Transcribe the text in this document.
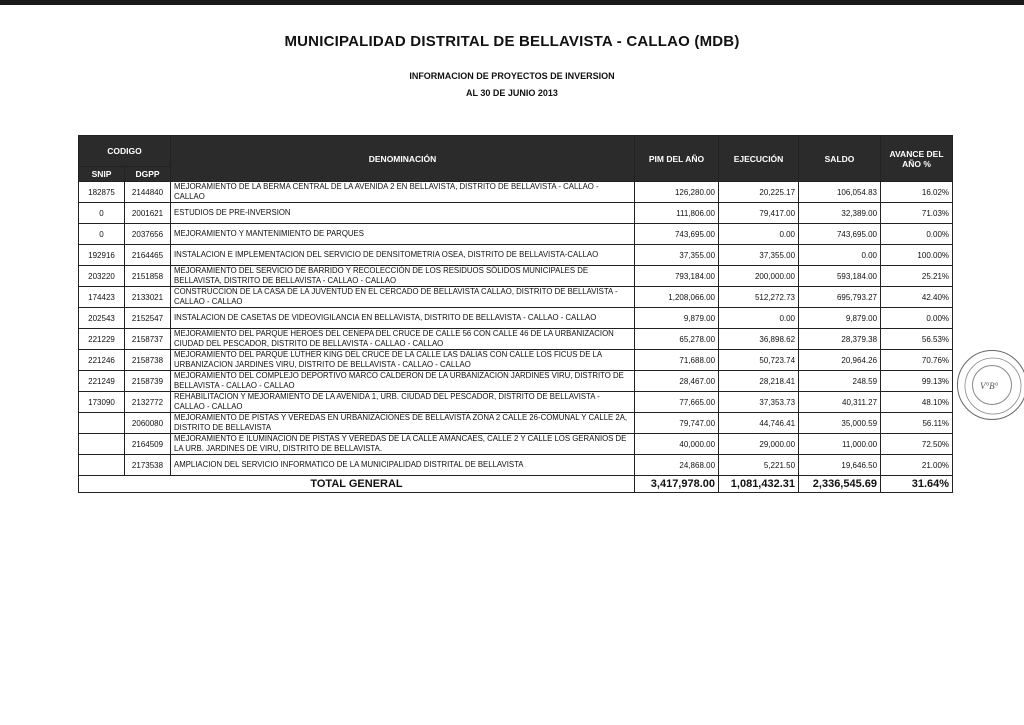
MUNICIPALIDAD DISTRITAL DE BELLAVISTA - CALLAO (MDB)
INFORMACION DE PROYECTOS DE INVERSION
AL 30 DE JUNIO 2013
CODIGO		DENOMINACIÓN	PIM DEL AÑO	EJECUCIÓN	SALDO	AVANCE DEL AÑO %
SNIP	DGPP					
182875	2144840	MEJORAMIENTO DE LA BERMA CENTRAL DE LA AVENIDA 2 EN BELLAVISTA, DISTRITO DE BELLAVISTA - CALLAO - CALLAO	126,280.00	20,225.17	106,054.83	16.02%
0	2001621	ESTUDIOS DE PRE-INVERSION	111,806.00	79,417.00	32,389.00	71.03%
0	2037656	MEJORAMIENTO Y MANTENIMIENTO DE PARQUES	743,695.00	0.00	743,695.00	0.00%
192916	2164465	INSTALACION E IMPLEMENTACION DEL SERVICIO DE DENSITOMETRIA OSEA, DISTRITO DE BELLAVISTA-CALLAO	37,355.00	37,355.00	0.00	100.00%
203220	2151858	MEJORAMIENTO DEL SERVICIO DE BARRIDO Y RECOLECCIÓN DE LOS RESIDUOS SÓLIDOS MUNICIPALES DE BELLAVISTA, DISTRITO DE BELLAVISTA - CALLAO - CALLAO	793,184.00	200,000.00	593,184.00	25.21%
174423	2133021	CONSTRUCCION DE LA CASA DE LA JUVENTUD EN EL CERCADO DE BELLAVISTA CALLAO, DISTRITO DE BELLAVISTA - CALLAO - CALLAO	1,208,066.00	512,272.73	695,793.27	42.40%
202543	2152547	INSTALACION DE CASETAS DE VIDEOVIGILANCIA EN BELLAVISTA, DISTRITO DE BELLAVISTA - CALLAO - CALLAO	9,879.00	0.00	9,879.00	0.00%
221229	2158737	MEJORAMIENTO DEL PARQUE HEROES DEL CENEPA DEL CRUCE DE CALLE 56 CON CALLE 46 DE LA URBANIZACION CIUDAD DEL PESCADOR, DISTRITO DE BELLAVISTA - CALLAO - CALLAO	65,278.00	36,898.62	28,379.38	56.53%
221246	2158738	MEJORAMIENTO DEL PARQUE LUTHER KING DEL CRUCE DE LA CALLE LAS DALIAS CON CALLE LOS FICUS DE LA URBANIZACION JARDINES VIRU, DISTRITO DE BELLAVISTA - CALLAO - CALLAO	71,688.00	50,723.74	20,964.26	70.76%
221249	2158739	MEJORAMIENTO DEL COMPLEJO DEPORTIVO MARCO CALDERON DE LA URBANIZACION JARDINES VIRU, DISTRITO DE BELLAVISTA - CALLAO - CALLAO	28,467.00	28,218.41	248.59	99.13%
173090	2132772	REHABILITACION Y MEJORAMIENTO DE LA AVENIDA 1, URB. CIUDAD DEL PESCADOR, DISTRITO DE BELLAVISTA - CALLAO - CALLAO	77,665.00	37,353.73	40,311.27	48.10%
	2060080	MEJORAMIENTO DE PISTAS Y VEREDAS EN URBANIZACIONES DE BELLAVISTA ZONA 2 CALLE 26-COMUNAL Y CALLE 2A, DISTRITO DE BELLAVISTA	79,747.00	44,746.41	35,000.59	56.11%
	2164509	MEJORAMIENTO E ILUMINACION DE PISTAS Y VEREDAS DE LA CALLE AMANCAES, CALLE 2 Y CALLE LOS GERANIOS DE LA URB. JARDINES DE VIRU, DISTRITO DE BELLAVISTA.	40,000.00	29,000.00	11,000.00	72.50%
	2173538	AMPLIACION DEL SERVICIO INFORMATICO DE LA MUNICIPALIDAD DISTRITAL DE BELLAVISTA	24,868.00	5,221.50	19,646.50	21.00%
TOTAL GENERAL			3,417,978.00	1,081,432.31	2,336,545.69	31.64%
V°B°
